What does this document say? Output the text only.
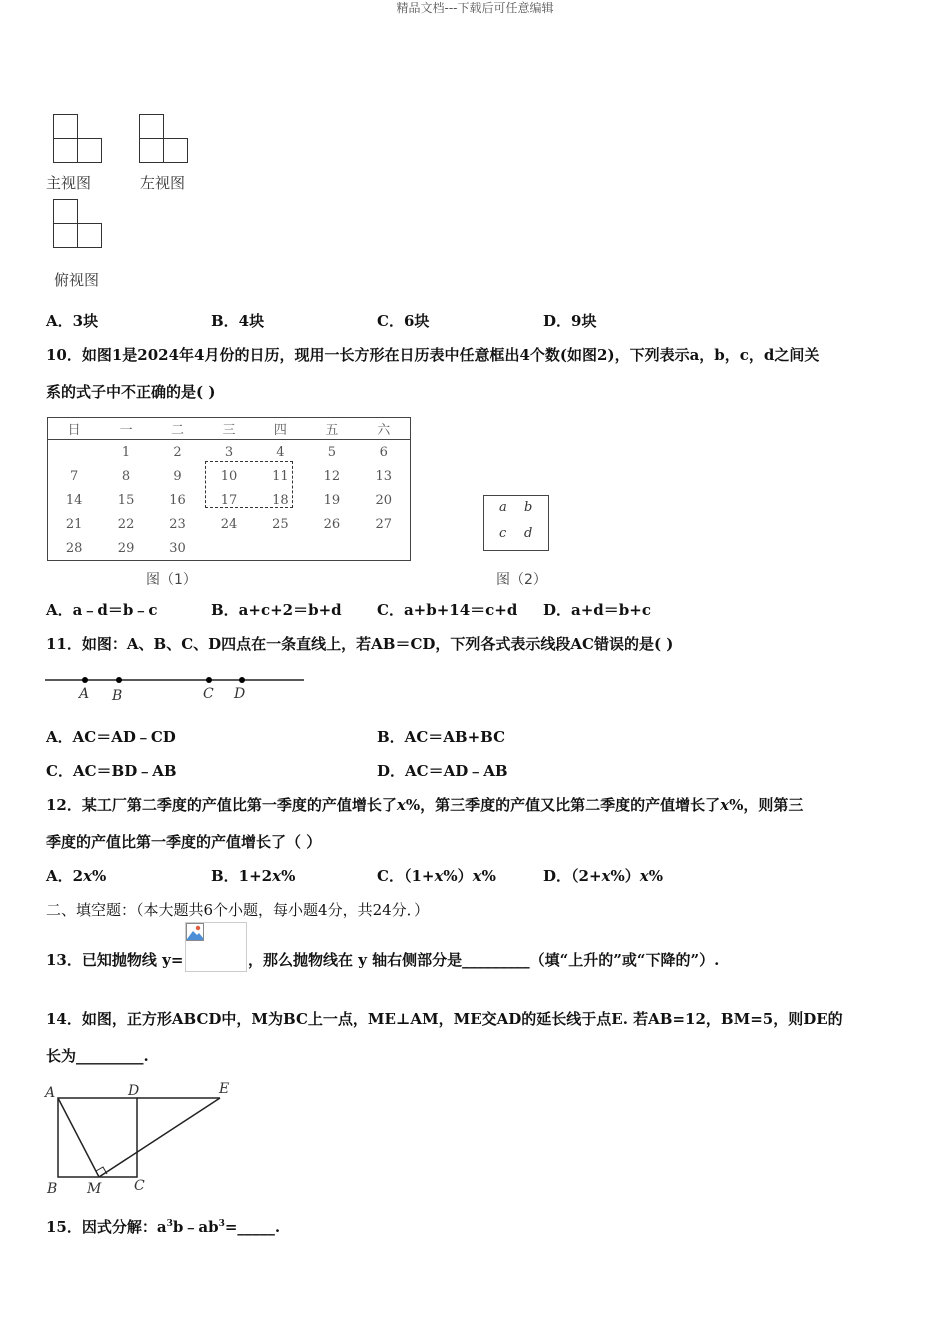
精品文档---下载后可任意编辑
主视图	左视图
俯视图
A．3块	B．4块	C．6块	D．9块
10．如图1是2024年4月份的日历，现用一长方形在日历表中任意框出4个数(如图2)，下列表示a，b，c，d之间关
系的式子中不正确的是( )
日	一	二	三	四	五	六
	1	2	3	4	5	6
7	8	9	10	11	12	13
14	15	16	17	18	19	20
21	22	23	24	25	26	27
28	29	30				
a b
c d
图（1）	图（2）
A．a﹣d＝b﹣c	B．a+c+2＝b+d C．a+b+14＝c+d D．a+d＝b+c
11．如图：A、B、C、D四点在一条直线上，若AB＝CD，下列各式表示线段AC错误的是( )
A B	C D
A．AC＝AD﹣CD	B．AC＝AB+BC
C．AC＝BD﹣AB	D．AC＝AD﹣AB
12．某工厂第二季度的产值比第一季度的产值增长了x%，第三季度的产值又比第二季度的产值增长了x%，则第三
季度的产值比第一季度的产值增长了（ ）
A．2x%	B．1+2x%	C．（1+x%）x%	D．（2+x%）x%
二、填空题：（本大题共6个小题，每小题4分，共24分．）
13．已知抛物线 y=	，那么抛物线在 y 轴右侧部分是_________（填“上升的”或“下降的”）.
14．如图，正方形ABCD中，M为BC上一点，ME⊥AM，ME交AD的延长线于点E. 若AB=12，BM=5，则DE的
长为_________.
A	D	E
B M C
15．因式分解：$a^3b﹣ab^3=\_\_\_\_\_$.
